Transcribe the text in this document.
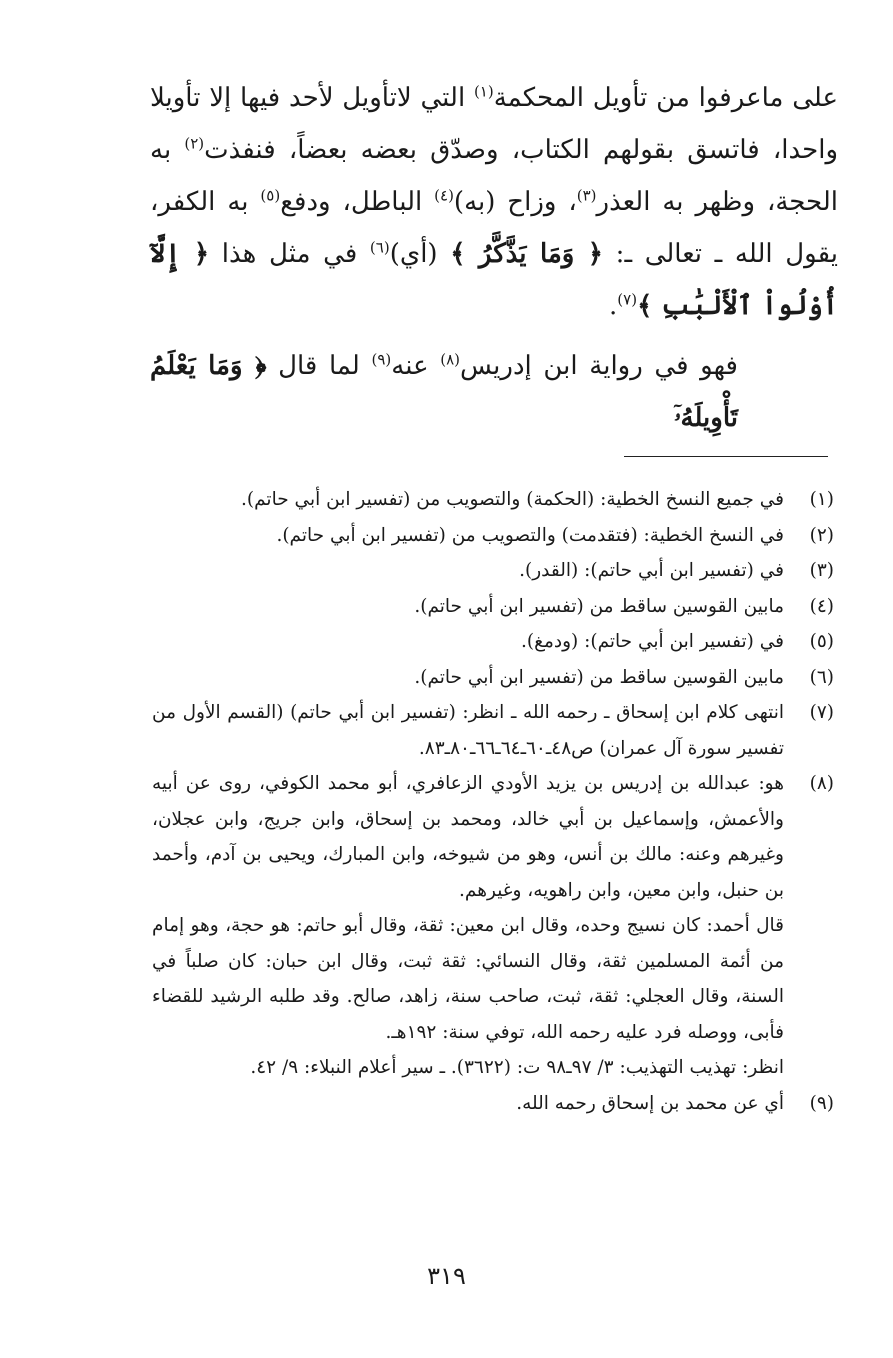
على ماعرفوا من تأويل المحكمة$^{(١)}$ التي لاتأويل لأحد فيها إلا تأويلا واحدا، فاتسق بقولهم الكتاب، وصدّق بعضه بعضاً، فنفذت$^{(٢)}$ به الحجة، وظهر به العذر$^{(٣)}$، وزاح (به)$^{(٤)}$ الباطل، ودفع$^{(٥)}$ به الكفر، يقول الله ـ تعالى ـ: ﴿ وَمَا يَذَّكَّرُ ﴾ (أي)$^{(٦)}$ في مثل هذا ﴿ إِلَّآ أُوْلُواْ ٱلْأَلْبَٰبِ ﴾$^{(٧)}$.

فهو في رواية ابن إدريس$^{(٨)}$ عنه$^{(٩)}$ لما قال ﴿ وَمَا يَعْلَمُ تَأْوِيلَهُۥٓ

(١)
في جميع النسخ الخطية: (الحكمة) والتصويب من (تفسير ابن أبي حاتم).
(٢)
في النسخ الخطية: (فتقدمت) والتصويب من (تفسير ابن أبي حاتم).
(٣)
في (تفسير ابن أبي حاتم): (القدر).
(٤)
مابين القوسين ساقط من (تفسير ابن أبي حاتم).
(٥)
في (تفسير ابن أبي حاتم): (ودمغ).
(٦)
مابين القوسين ساقط من (تفسير ابن أبي حاتم).
(٧)
انتهى كلام ابن إسحاق ـ رحمه الله ـ انظر: (تفسير ابن أبي حاتم) (القسم الأول من تفسير سورة آل عمران) ص٤٨ـ٦٠ـ٦٤ـ٦٦ـ٨٠ـ٨٣.
(٨)
هو: عبدالله بن إدريس بن يزيد الأودي الزعافري، أبو محمد الكوفي، روى عن أبيه والأعمش، وإسماعيل بن أبي خالد، ومحمد بن إسحاق، وابن جريج، وابن عجلان، وغيرهم وعنه: مالك بن أنس، وهو من شيوخه، وابن المبارك، ويحيى بن آدم، وأحمد بن حنبل، وابن معين، وابن راهويه، وغيرهم.
قال أحمد: كان نسيج وحده، وقال ابن معين: ثقة، وقال أبو حاتم: هو حجة، وهو إمام من أئمة المسلمين ثقة، وقال النسائي: ثقة ثبت، وقال ابن حبان: كان صلباً في السنة، وقال العجلي: ثقة، ثبت، صاحب سنة، زاهد، صالح. وقد طلبه الرشيد للقضاء فأبى، ووصله فرد عليه رحمه الله، توفي سنة: ١٩٢هـ.
انظر: تهذيب التهذيب: ٣/ ٩٧ـ٩٨ ت: (٣٦٢٢). ـ سير أعلام النبلاء: ٩/ ٤٢.
(٩)
أي عن محمد بن إسحاق رحمه الله.
٣١٩
